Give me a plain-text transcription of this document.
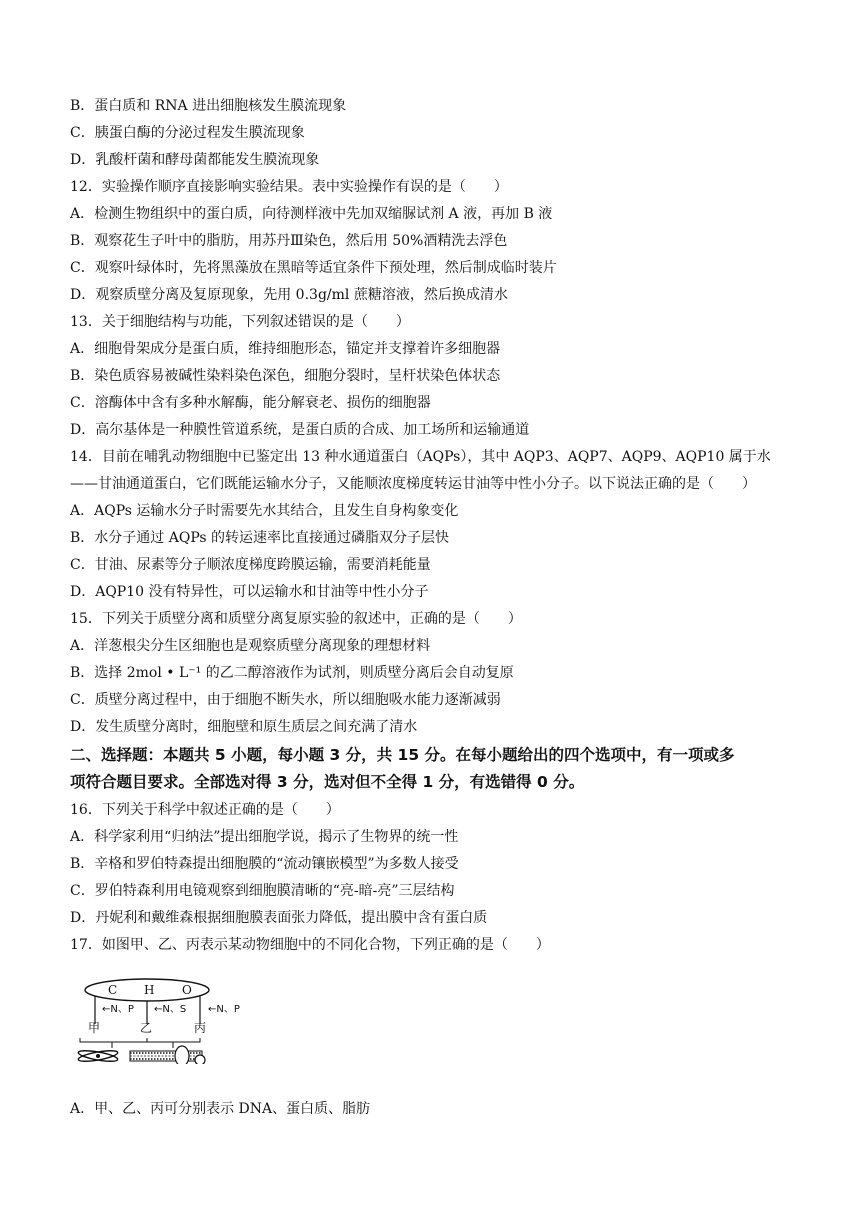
B．蛋白质和 RNA 进出细胞核发生膜流现象
C．胰蛋白酶的分泌过程发生膜流现象
D．乳酸杆菌和酵母菌都能发生膜流现象
12．实验操作顺序直接影响实验结果。表中实验操作有误的是（　　）
A．检测生物组织中的蛋白质，向待测样液中先加双缩脲试剂 A 液，再加 B 液
B．观察花生子叶中的脂肪，用苏丹Ⅲ染色，然后用 50%酒精洗去浮色
C．观察叶绿体时，先将黑藻放在黑暗等适宜条件下预处理，然后制成临时装片
D．观察质壁分离及复原现象，先用 0.3g/ml 蔗糖溶液，然后换成清水
13．关于细胞结构与功能，下列叙述错误的是（　　）
A．细胞骨架成分是蛋白质，维持细胞形态，锚定并支撑着许多细胞器
B．染色质容易被碱性染料染色深色，细胞分裂时，呈杆状染色体状态
C．溶酶体中含有多种水解酶，能分解衰老、损伤的细胞器
D．高尔基体是一种膜性管道系统，是蛋白质的合成、加工场所和运输通道
14．目前在哺乳动物细胞中已鉴定出 13 种水通道蛋白（AQPs），其中 AQP3、AQP7、AQP9、AQP10 属于水
——甘油通道蛋白，它们既能运输水分子，又能顺浓度梯度转运甘油等中性小分子。以下说法正确的是（　　）
A．AQPs 运输水分子时需要先水其结合，且发生自身构象变化
B．水分子通过 AQPs 的转运速率比直接通过磷脂双分子层快
C．甘油、尿素等分子顺浓度梯度跨膜运输，需要消耗能量
D．AQP10 没有特异性，可以运输水和甘油等中性小分子
15．下列关于质壁分离和质壁分离复原实验的叙述中，正确的是（　　）
A．洋葱根尖分生区细胞也是观察质壁分离现象的理想材料
B．选择 2mol • L⁻¹ 的乙二醇溶液作为试剂，则质壁分离后会自动复原
C．质壁分离过程中，由于细胞不断失水，所以细胞吸水能力逐渐减弱
D．发生质壁分离时，细胞壁和原生质层之间充满了清水
二、选择题：本题共 5 小题，每小题 3 分，共 15 分。在每小题给出的四个选项中，有一项或多
项符合题目要求。全部选对得 3 分，选对但不全得 1 分，有选错得 0 分。
16．下列关于科学中叙述正确的是（　　）
A．科学家利用“归纳法”提出细胞学说，揭示了生物界的统一性
B．辛格和罗伯特森提出细胞膜的“流动镶嵌模型”为多数人接受
C．罗伯特森利用电镜观察到细胞膜清晰的“亮-暗-亮”三层结构
D．丹妮利和戴维森根据细胞膜表面张力降低，提出膜中含有蛋白质
17．如图甲、乙、丙表示某动物细胞中的不同化合物，下列正确的是（　　）
C H O
←N、P ←N、S ←N、P
甲	乙	丙
A．甲、乙、丙可分别表示 DNA、蛋白质、脂肪
